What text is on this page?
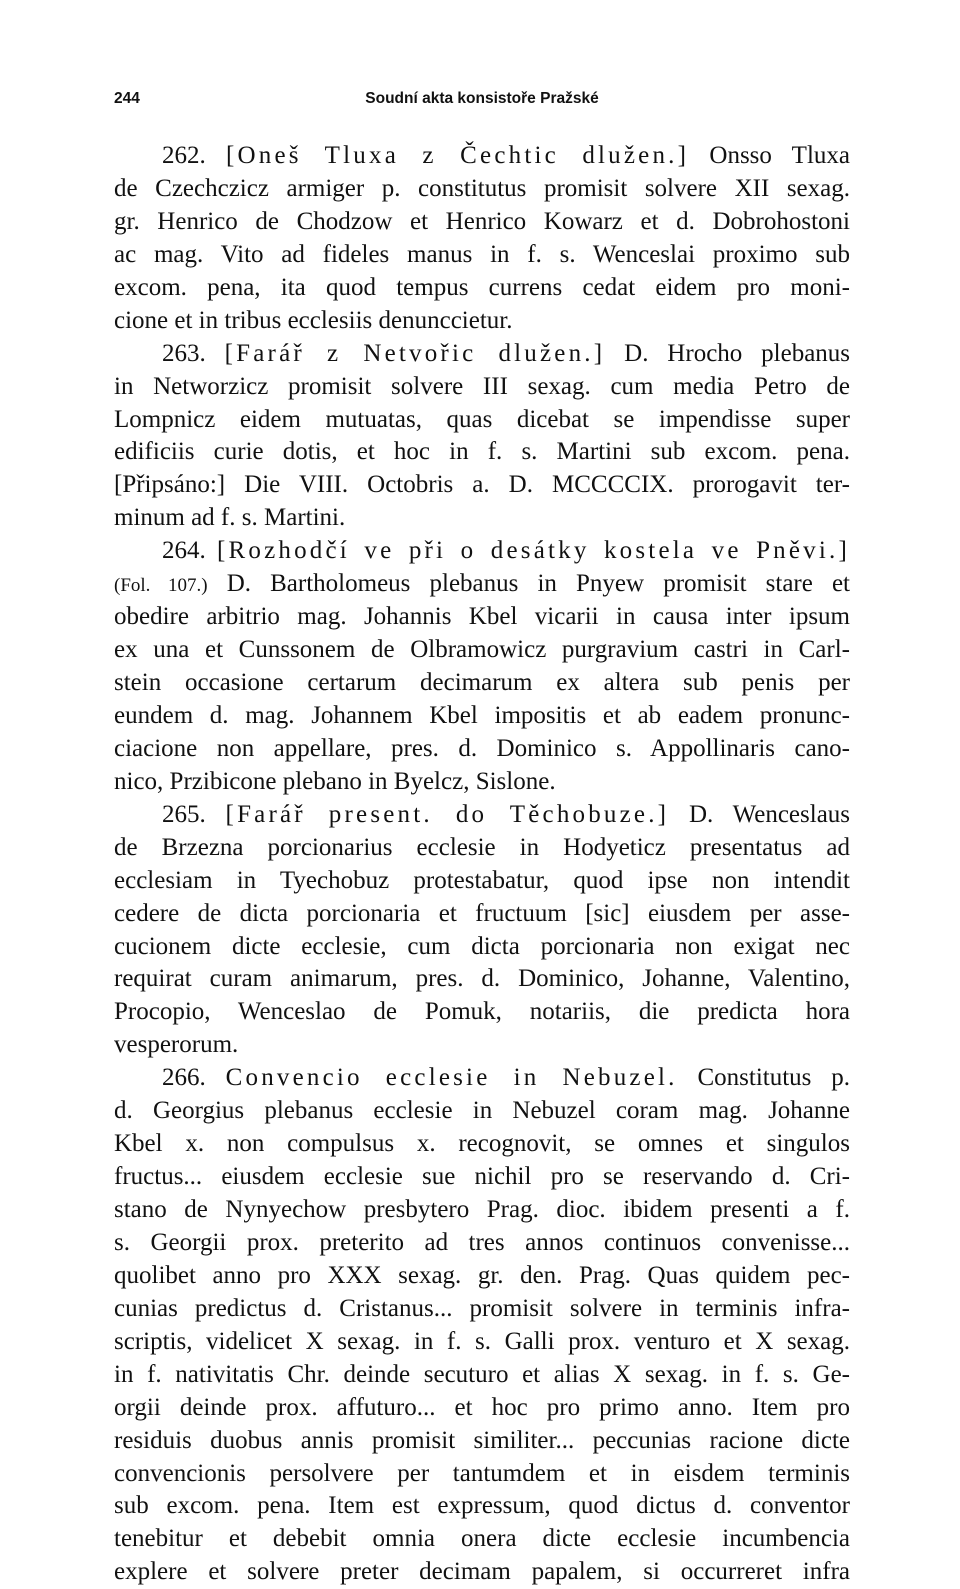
244	Soudní akta konsistoře Pražské
262. [Oneš Tluxa z Čechtic dlužen.] Onsso Tluxa
de Czechczicz armiger p. constitutus promisit solvere XII sexag.
gr. Henrico de Chodzow et Henrico Kowarz et d. Dobrohostoni
ac mag. Vito ad fideles manus in f. s. Wenceslai proximo sub
excom. pena, ita quod tempus currens cedat eidem pro moni-
cione et in tribus ecclesiis denunccietur.
263. [Farář z Netvořic dlužen.] D. Hrocho plebanus
in Networzicz promisit solvere III sexag. cum media Petro de
Lompnicz eidem mutuatas, quas dicebat se impendisse super
edificiis curie dotis, et hoc in f. s. Martini sub excom. pena.
[Připsáno:] Die VIII. Octobris a. D. MCCCCIX. prorogavit ter-
minum ad f. s. Martini.
264. [Rozhodčí ve při o desátky kostela ve Pněvi.]
(Fol. 107.) D. Bartholomeus plebanus in Pnyew promisit stare et
obedire arbitrio mag. Johannis Kbel vicarii in causa inter ipsum
ex una et Cunssonem de Olbramowicz purgravium castri in Carl-
stein occasione certarum decimarum ex altera sub penis per
eundem d. mag. Johannem Kbel impositis et ab eadem pronunc-
ciacione non appellare, pres. d. Dominico s. Appollinaris cano-
nico, Przibicone plebano in Byelcz, Sislone.
265. [Farář present. do Těchobuze.] D. Wenceslaus
de Brzezna porcionarius ecclesie in Hodyeticz presentatus ad
ecclesiam in Tyechobuz protestabatur, quod ipse non intendit
cedere de dicta porcionaria et fructuum [sic] eiusdem per asse-
cucionem dicte ecclesie, cum dicta porcionaria non exigat nec
requirat curam animarum, pres. d. Dominico, Johanne, Valentino,
Procopio, Wenceslao de Pomuk, notariis, die predicta hora
vesperorum.
266. Convencio ecclesie in Nebuzel. Constitutus p.
d. Georgius plebanus ecclesie in Nebuzel coram mag. Johanne
Kbel x. non compulsus x. recognovit, se omnes et singulos
fructus... eiusdem ecclesie sue nichil pro se reservando d. Cri-
stano de Nynyechow presbytero Prag. dioc. ibidem presenti a f.
s. Georgii prox. preterito ad tres annos continuos convenisse...
quolibet anno pro XXX sexag. gr. den. Prag. Quas quidem pec-
cunias predictus d. Cristanus... promisit solvere in terminis infra-
scriptis, videlicet X sexag. in f. s. Galli prox. venturo et X sexag.
in f. nativitatis Chr. deinde secuturo et alias X sexag. in f. s. Ge-
orgii deinde prox. affuturo... et hoc pro primo anno. Item pro
residuis duobus annis promisit similiter... peccunias racione dicte
convencionis persolvere per tantumdem et in eisdem terminis
sub excom. pena. Item est expressum, quod dictus d. conventor
tenebitur et debebit omnia onera dicte ecclesie incumbencia
explere et solvere preter decimam papalem, si occurreret infra
